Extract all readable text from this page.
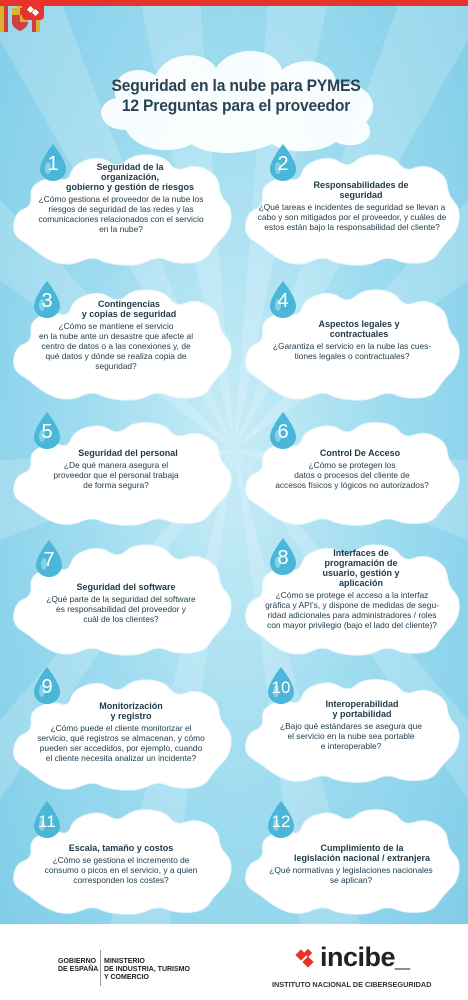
Seguridad en la nube para PYMES
12 Preguntas para el proveedor
1	Seguridad de la
organización,
gobierno y gestión de riesgos
¿Cómo gestiona el proveedor de la nube los
riesgos de seguridad de las redes y las
comunicaciones relacionados con el servicio
en la nube?
2
Responsabilidades de
seguridad
¿Qué tareas e incidentes de seguridad se llevan a
cabo y son mitigados por el proveedor, y cuáles de
estos están bajo la responsabilidad del cliente?
3	Contingencias
y copias de seguridad
¿Cómo se mantiene el servicio
en la nube ante un desastre que afecte al
centro de datos o a las conexiones y, de
qué datos y dónde se realiza copia de
seguridad?
4
Aspectos legales y
contractuales
¿Garantiza el servicio en la nube las cues-
tiones legales o contractuales?
5
Seguridad del personal
¿De qué manera asegura el
proveedor que el personal trabaja
de forma segura?
6
Control De Acceso
¿Cómo se protegen los
datos o procesos del cliente de
accesos físicos y lógicos no autorizados?
7
Seguridad del software
¿Qué parte de la seguridad del software
es responsabilidad del proveedor y
cuál de los clientes?
8	Interfaces de
programación de
usuario, gestión y
aplicación
¿Cómo se protege el acceso a la interfaz
gráfica y API's, y dispone de medidas de segu-
ridad adicionales para administradores / roles
con mayor privilegio (bajo el lado del cliente)?
9
Monitorización
y registro
¿Cómo puede el cliente monitorizar el
servicio, qué registros se almacenan, y cómo
pueden ser accedidos, por ejemplo, cuando
el cliente necesita analizar un incidente?
10
Interoperabilidad
y portabilidad
¿Bajo qué estándares se asegura que
el servicio en la nube sea portable
e interoperable?
11
Escala, tamaño y costos
¿Cómo se gestiona el incremento de
consumo o picos en el servicio, y a quien
corresponden los costes?
12
Cumplimiento de la
legislación nacional / extranjera
¿Qué normativas y legislaciones nacionales
se aplican?
GOBIERNO
DE ESPAÑA
MINISTERIO
DE INDUSTRIA, TURISMO
Y COMERCIO
incibe_
INSTITUTO NACIONAL DE CIBERSEGURIDAD
